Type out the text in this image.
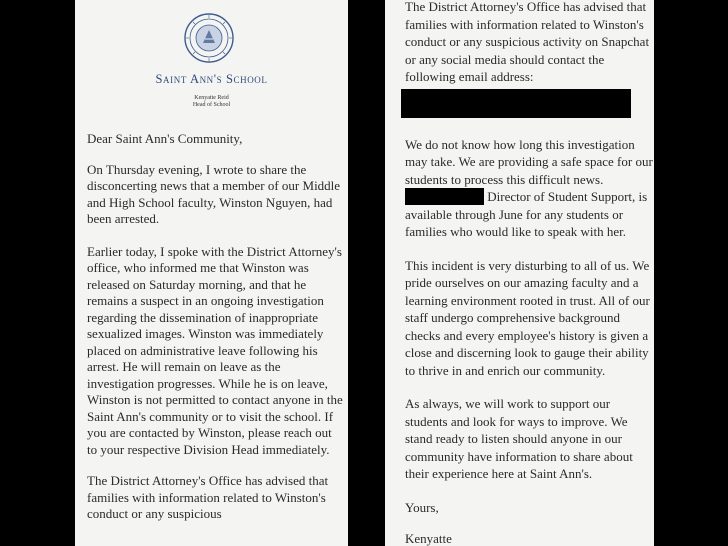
Saint Ann's School
Kenyatte Reid
Head of School

Dear Saint Ann's Community,

On Thursday evening, I wrote to share the disconcerting news that a member of our Middle and High School faculty, Winston Nguyen, had been arrested.

Earlier today, I spoke with the District Attorney's office, who informed me that Winston was released on Saturday morning, and that he remains a suspect in an ongoing investigation regarding the dissemination of inappropriate sexualized images. Winston was immediately placed on administrative leave following his arrest. He will remain on leave as the investigation progresses. While he is on leave, Winston is not permitted to contact anyone in the Saint Ann's community or to visit the school. If you are contacted by Winston, please reach out to your respective Division Head immediately.

The District Attorney's Office has advised that families with information related to Winston's conduct or any suspicious

The District Attorney's Office has advised that families with information related to Winston's conduct or any suspicious activity on Snapchat or any social media should contact the following email address:

We do not know how long this investigation may take. We are providing a safe space for our students to process this difficult news.  Director of Student Support, is available through June for any students or families who would like to speak with her.

This incident is very disturbing to all of us. We pride ourselves on our amazing faculty and a learning environment rooted in trust. All of our staff undergo comprehensive background checks and every employee's history is given a close and discerning look to gauge their ability to thrive in and enrich our community.

As always, we will work to support our students and look for ways to improve. We stand ready to listen should anyone in our community have information to share about their experience here at Saint Ann's.

Yours,

Kenyatte
